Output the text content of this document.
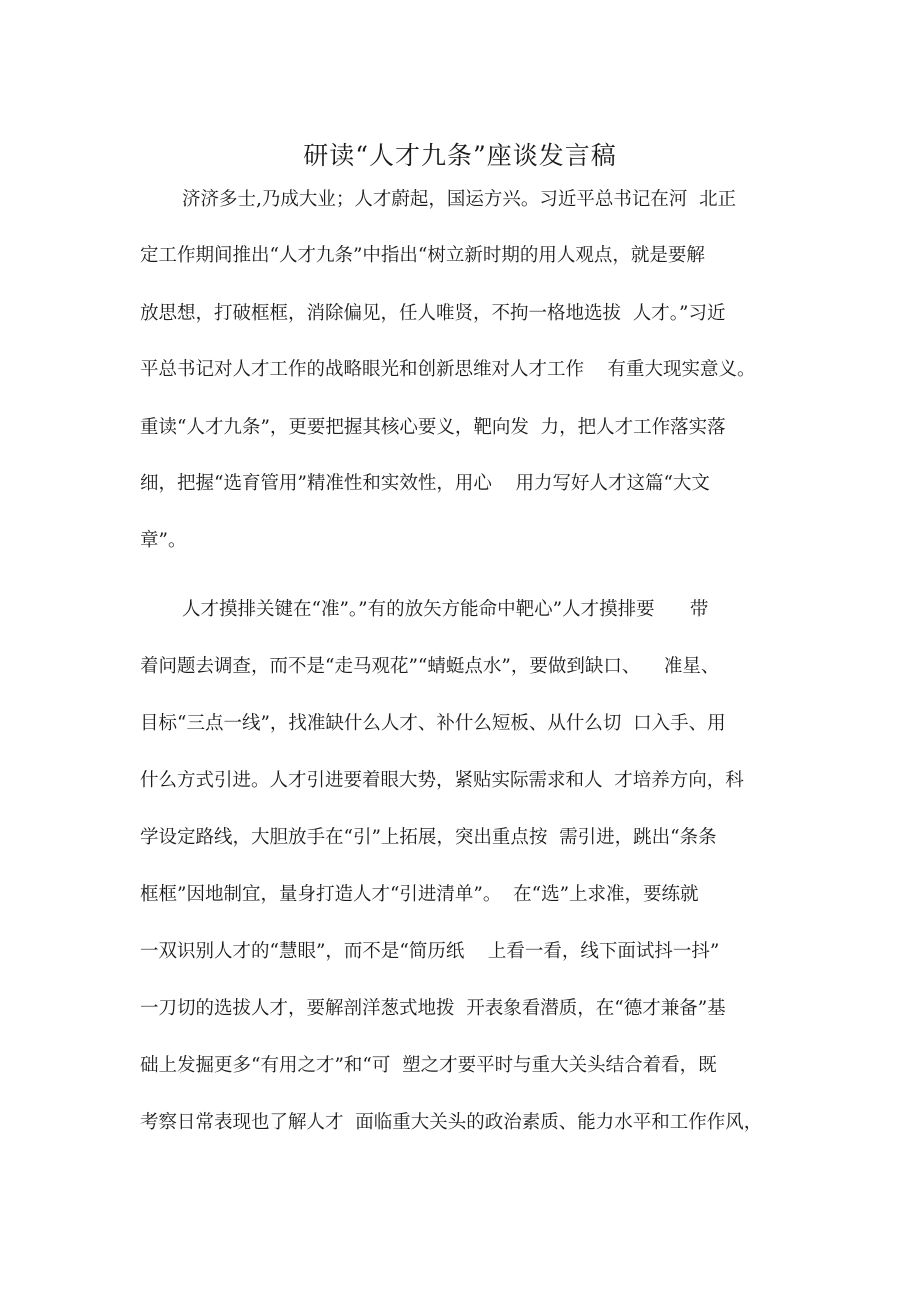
研读“人才九条”座谈发言稿

济济多士,乃成大业；人才蔚起，国运方兴。习近平总书记在河  北正

定工作期间推出“人才九条”中指出“树立新时期的用人观点，就是要解

放思想，打破框框，消除偏见，任人唯贤，不拘一格地选拔  人才。”习近

平总书记对人才工作的战略眼光和创新思维对人才工作    有重大现实意义。

重读“人才九条”，更要把握其核心要义，靶向发  力，把人才工作落实落

细，把握“选育管用”精准性和实效性，用心    用力写好人才这篇“大文

章”。

人才摸排关键在“准”。”有的放矢方能命中靶心”人才摸排要      带

着问题去调查，而不是“走马观花”“蜻蜓点水”，要做到缺口、    准星、

目标“三点一线”，找准缺什么人才、补什么短板、从什么切  口入手、用

什么方式引进。人才引进要着眼大势，紧贴实际需求和人  才培养方向，科

学设定路线，大胆放手在“引”上拓展，突出重点按  需引进，跳出“条条

框框”因地制宜，量身打造人才“引进清单”。  在“选”上求准，要练就

一双识别人才的“慧眼”，而不是“简历纸    上看一看，线下面试抖一抖”

一刀切的选拔人才，要解剖洋葱式地拨  开表象看潜质，在“德才兼备”基

础上发掘更多“有用之才”和“可  塑之才要平时与重大关头结合着看，既

考察日常表现也了解人才  面临重大关头的政治素质、能力水平和工作作风，
